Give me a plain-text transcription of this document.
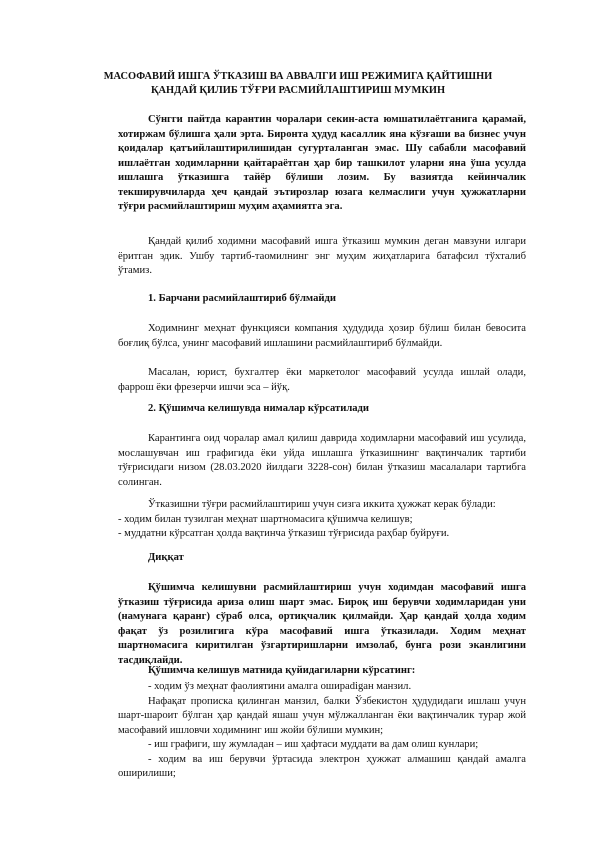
МАСОФАВИЙ ИШГА ЎТКАЗИШ ВА АВВАЛГИ ИШ РЕЖИМИГА ҚАЙТИШНИ
ҚАНДАЙ ҚИЛИБ ТЎҒРИ РАСМИЙЛАШТИРИШ МУМКИН
Сўнгги пайтда карантин чоралари секин-аста юмшатилаётганига қарамай, хотиржам бўлишга ҳали эрта. Биронта ҳудуд касаллик яна кўзғаши ва бизнес учун қоидалар қатъийлаштирилишидан сугурталанган эмас. Шу сабабли масофавий ишлаётган ходимларнни қайтараётган ҳар бир ташкилот уларни яна ўша усулда ишлашга ўтказишга тайёр бўлиши лозим. Бу вазиятда кейинчалик текширувчиларда ҳеч қандай эътирозлар юзага келмаслиги учун ҳужжатларни тўғри расмийлаштириш муҳим аҳамиятга эга.
Қандай қилиб ходимни масофавий ишга ўтказиш мумкин деган мавзуни илгари ёритган эдик. Ушбу тартиб-таомилнинг энг муҳим жиҳатларига батафсил тўхталиб ўтамиз.
1. Барчани расмийлаштириб бўлмайди
Ходимнинг меҳнат функцияси компания ҳудудида ҳозир бўлиш билан бевосита боғлиқ бўлса, унинг масофавий ишлашини расмийлаштириб бўлмайди.
Масалан, юрист, бухгалтер ёки маркетолог масофавий усулда ишлай олади, фаррош ёки фрезерчи ишчи эса – йўқ.
2. Қўшимча келишувда нималар кўрсатилади
Карантинга оид чоралар амал қилиш даврида ходимларни масофавий иш усулида, мослашувчан иш графигида ёки уйда ишлашга ўтказишнинг вақтинчалик тартиби тўғрисидаги низом (28.03.2020 йилдаги 3228-сон) билан ўтказиш масалалари тартибга солинган.
Ўтказишни тўғри расмийлаштириш учун сизга иккита ҳужжат керак бўлади:
- ходим билан тузилган меҳнат шартномасига қўшимча келишув;
- муддатни кўрсатган ҳолда вақтинча ўтказиш тўғрисида раҳбар буйруғи.
Диққат
Қўшимча келишувни расмийлаштириш учун ходимдан масофавий ишга ўтказиш тўғрисида ариза олиш шарт эмас. Бироқ иш берувчи ходимларидан уни (намунага қаранг) сўраб олса, ортиқчалик қилмайди. Ҳар қандай ҳолда ходим фақат ўз розилигига кўра масофавий ишга ўтказилади. Ходим меҳнат шартномасига киритилган ўзгартиришларни имзолаб, бунга рози эканлигини тасдиқлайди.
Қўшимча келишув матнида қуйидагиларни кўрсатинг:
- ходим ўз меҳнат фаолиятини амалга ошираdigан манзил.
Нафақат прописка қилинган манзил, балки Ўзбекистон ҳудудидаги ишлаш учун шарт-шароит бўлган ҳар қандай яшаш учун мўлжалланган ёки вақтинчалик турар жой масофавий ишловчи ходимнинг иш жойи бўлиши мумкин;
- иш графиги, шу жумладан – иш ҳафтаси муддати ва дам олиш кунлари;
- ходим ва иш берувчи ўртасида электрон ҳужжат алмашиш қандай амалга оширилиши;
